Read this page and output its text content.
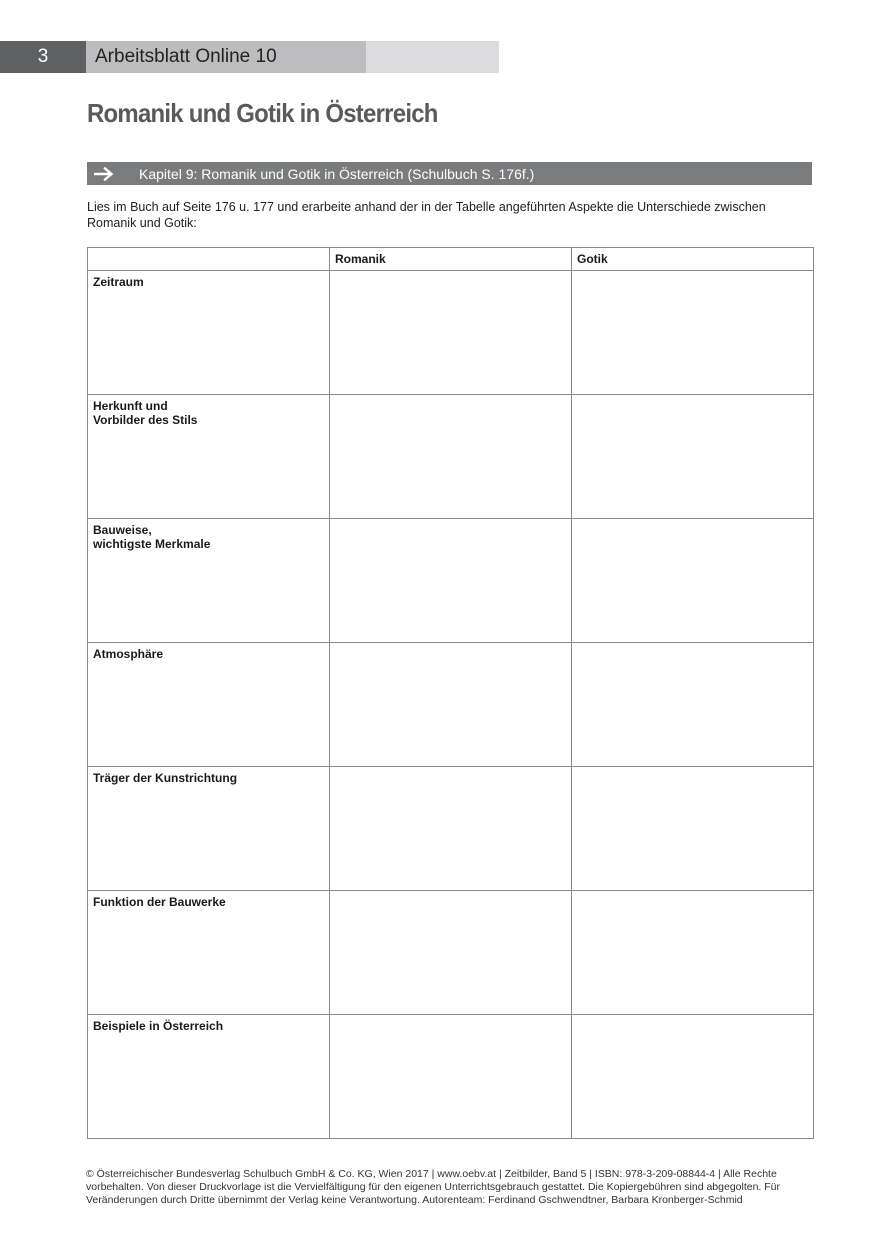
3	Arbeitsblatt Online 10
Romanik und Gotik in Österreich
Kapitel 9: Romanik und Gotik in Österreich (Schulbuch S. 176f.)
Lies im Buch auf Seite 176 u. 177 und erarbeite anhand der in der Tabelle angeführten Aspekte die Unterschiede zwischen Romanik und Gotik:
	Romanik	Gotik
Zeitraum		
Herkunft und
Vorbilder des Stils		
Bauweise,
wichtigste Merkmale		
Atmosphäre		
Träger der Kunstrichtung		
Funktion der Bauwerke		
Beispiele in Österreich		
© Österreichischer Bundesverlag Schulbuch GmbH & Co. KG, Wien 2017 | www.oebv.at | Zeitbilder, Band 5 | ISBN: 978-3-209-08844-4 | Alle Rechte vorbehalten. Von dieser Druckvorlage ist die Vervielfältigung für den eigenen Unterrichtsgebrauch gestattet. Die Kopiergebühren sind abgegolten. Für Veränderungen durch Dritte übernimmt der Verlag keine Verantwortung. Autorenteam: Ferdinand Gschwendtner, Barbara Kronberger-Schmid
